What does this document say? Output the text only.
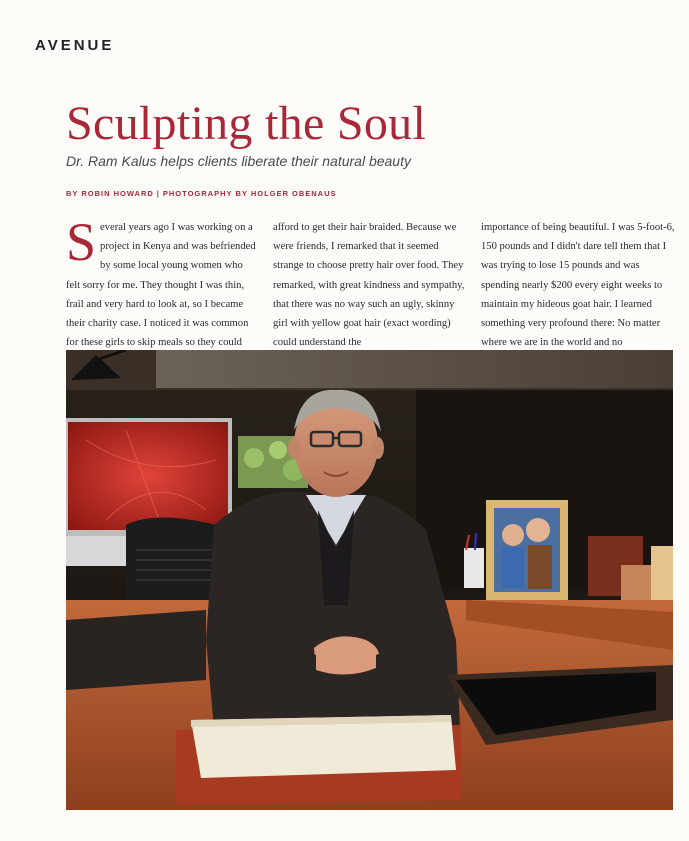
AVENUE
Sculpting the Soul
Dr. Ram Kalus helps clients liberate their natural beauty
BY ROBIN HOWARD | PHOTOGRAPHY BY HOLGER OBENAUS
S everal years ago I was working on a project in Kenya and was befriended by some local young women who felt sorry for me. They thought I was thin, frail and very hard to look at, so I became their charity case. I noticed it was common for these girls to skip meals so they could

afford to get their hair braided. Because we were friends, I remarked that it seemed strange to choose pretty hair over food. They remarked, with great kindness and sympathy, that there was no way such an ugly, skinny girl with yellow goat hair (exact wording) could understand the

importance of being beautiful. I was 5-foot-6, 150 pounds and I didn't dare tell them that I was trying to lose 15 pounds and was spending nearly $200 every eight weeks to maintain my hideous goat hair. I learned something very profound there: No matter where we are in the world and no
